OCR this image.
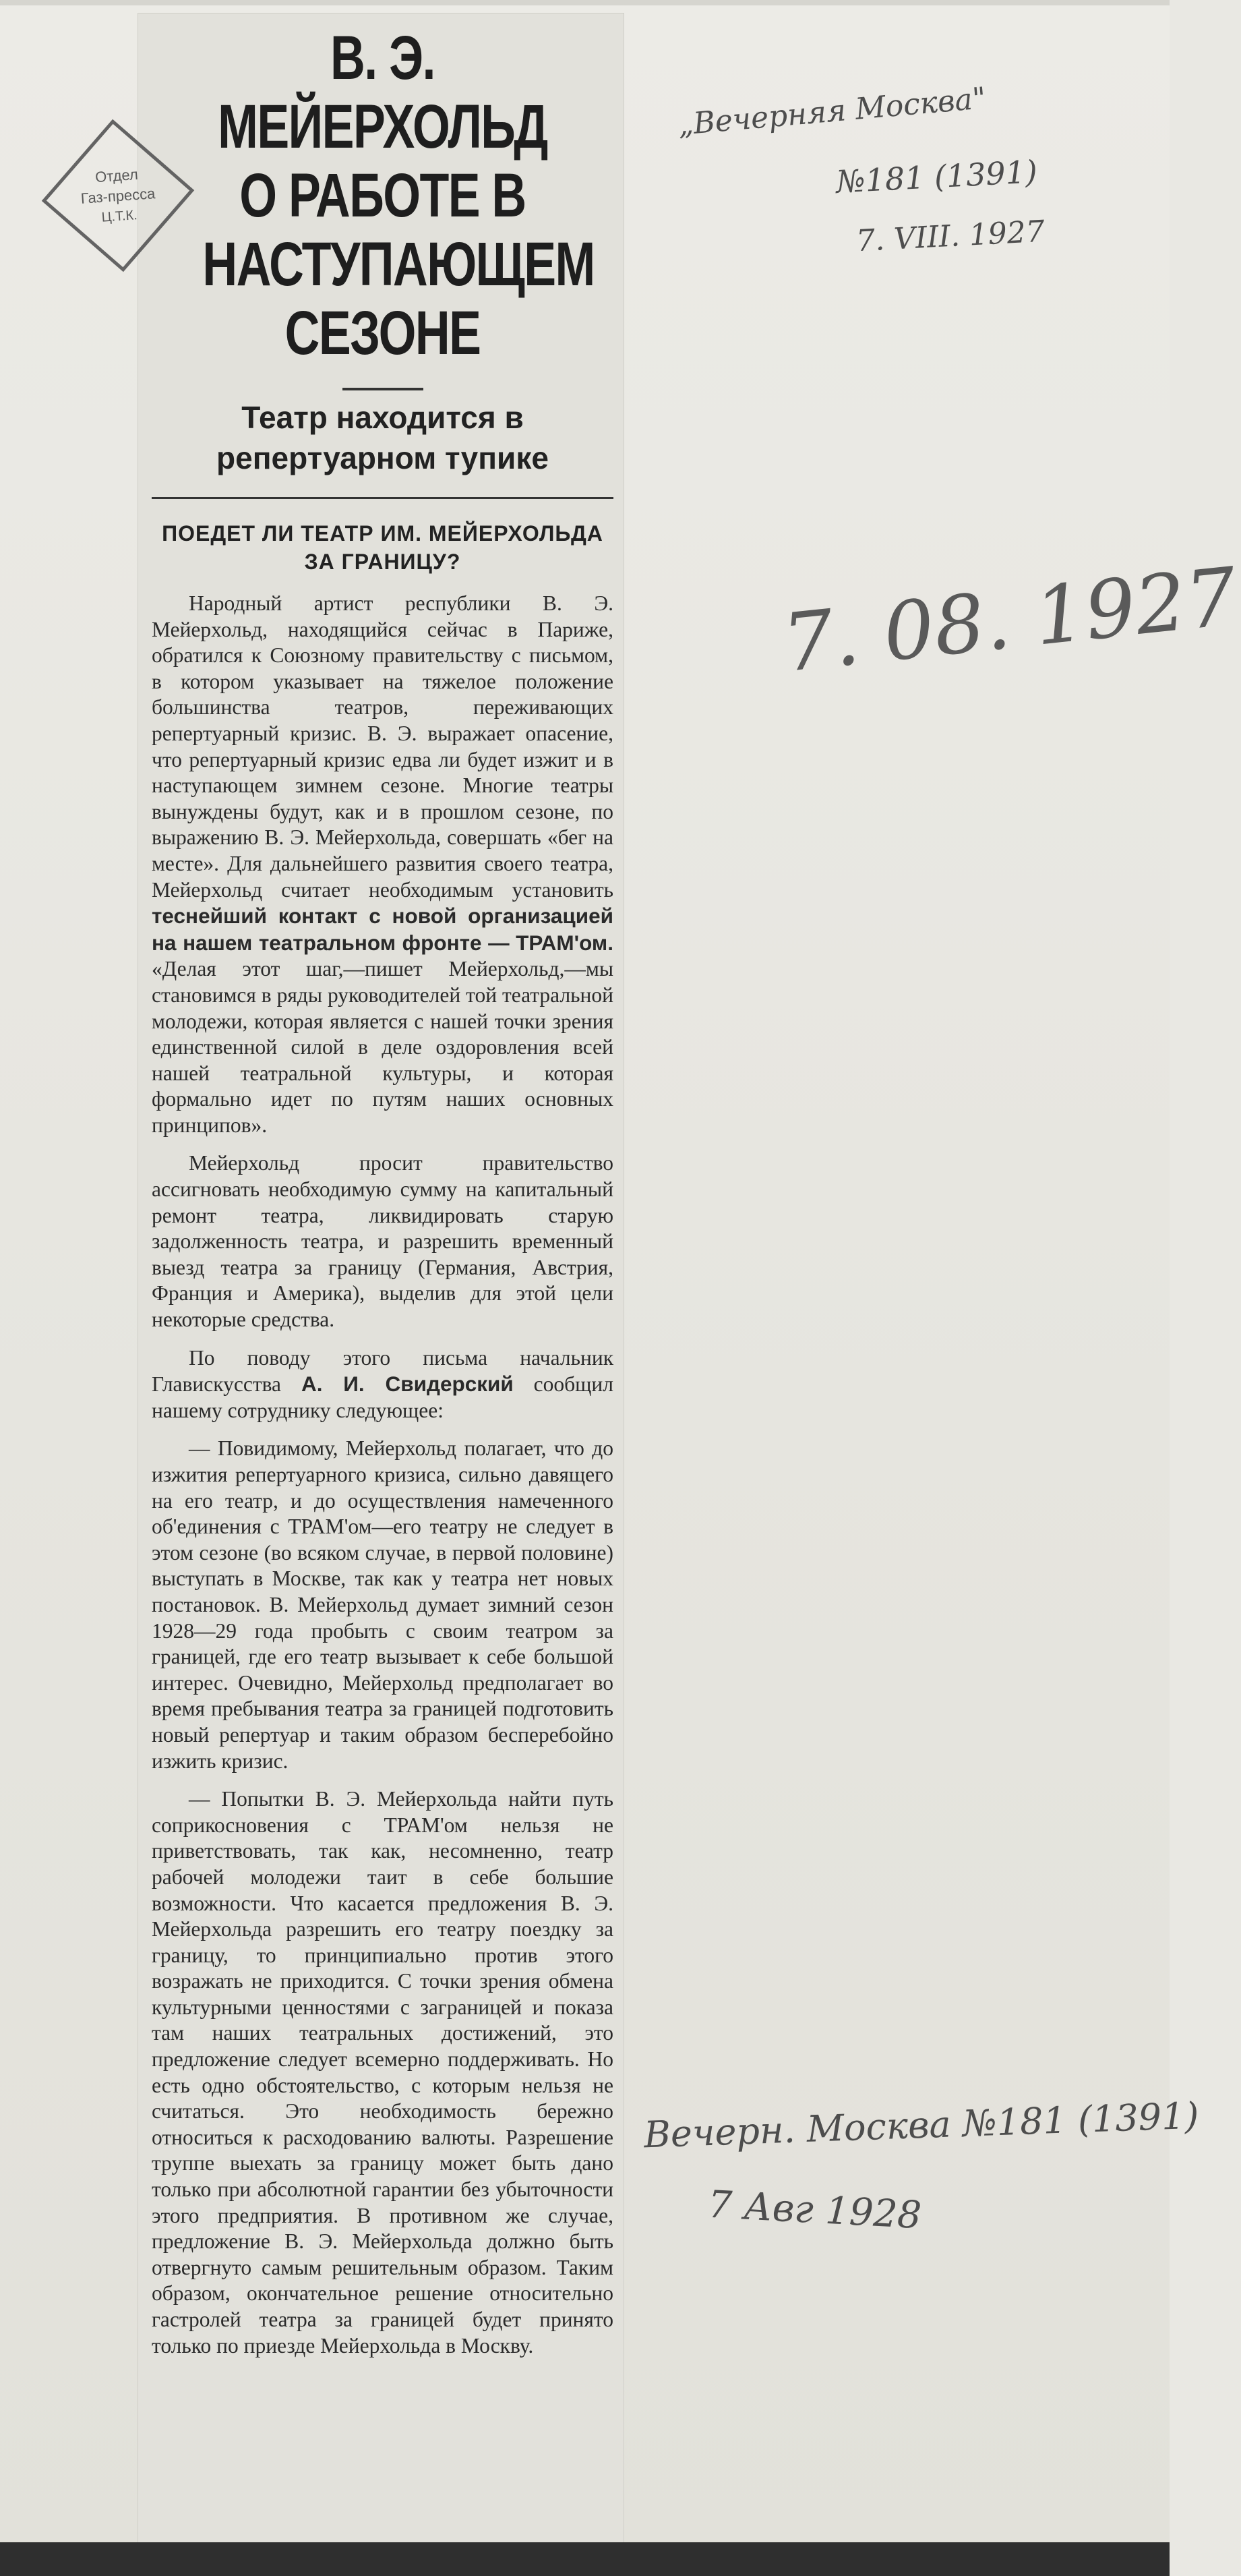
В. Э. МЕЙЕРХОЛЬД О РАБОТЕ В НАСТУПАЮЩЕМ СЕЗОНЕ
Театр находится в репертуарном тупике
ПОЕДЕТ ЛИ ТЕАТР ИМ. МЕЙЕРХОЛЬДА ЗА ГРАНИЦУ?

Народный артист республики В. Э. Мейерхольд, находящийся сейчас в Париже, обратился к Союзному правительству с письмом, в котором указывает на тяжелое положение большинства театров, переживающих репертуарный кризис. В. Э. выражает опасение, что репертуарный кризис едва ли будет изжит и в наступающем зимнем сезоне. Многие театры вынуждены будут, как и в прошлом сезоне, по выражению В. Э. Мейерхольда, совершать «бег на месте». Для дальнейшего развития своего театра, Мейерхольд считает необходимым установить теснейший контакт с новой организацией на нашем театральном фронте — ТРАМ'ом. «Делая этот шаг,—пишет Мейерхольд,—мы становимся в ряды руководителей той театральной молодежи, которая является с нашей точки зрения единственной силой в деле оздоровления всей нашей театральной культуры, и которая формально идет по путям наших основных принципов».

Мейерхольд просит правительство ассигновать необходимую сумму на капитальный ремонт театра, ликвидировать старую задолженность театра, и разрешить временный выезд театра за границу (Германия, Австрия, Франция и Америка), выделив для этой цели некоторые средства.

По поводу этого письма начальник Главискусства А. И. Свидерский сообщил нашему сотруднику следующее:

— Повидимому, Мейерхольд полагает, что до изжития репертуарного кризиса, сильно давящего на его театр, и до осуществления намеченного об'единения с ТРАМ'ом—его театру не следует в этом сезоне (во всяком случае, в первой половине) выступать в Москве, так как у театра нет новых постановок. В. Мейерхольд думает зимний сезон 1928—29 года пробыть с своим театром за границей, где его театр вызывает к себе большой интерес. Очевидно, Мейерхольд предполагает во время пребывания театра за границей подготовить новый репертуар и таким образом бесперебойно изжить кризис.

— Попытки В. Э. Мейерхольда найти путь соприкосновения с ТРАМ'ом нельзя не приветствовать, так как, несомненно, театр рабочей молодежи таит в себе большие возможности. Что касается предложения В. Э. Мейерхольда разрешить его театру поездку за границу, то принципиально против этого возражать не приходится. С точки зрения обмена культурными ценностями с заграницей и показа там наших театральных достижений, это предложение следует всемерно поддерживать. Но есть одно обстоятельство, с которым нельзя не считаться. Это необходимость бережно относиться к расходованию валюты. Разрешение труппе выехать за границу может быть дано только при абсолютной гарантии без убыточности этого предприятия. В противном же случае, предложение В. Э. Мейерхольда должно быть отвергнуто самым решительным образом. Таким образом, окончательное решение относительно гастролей театра за границей будет принято только по приезде Мейерхольда в Москву.

Отдел
Газ-пресса
Ц.Т.К.
„Вечерняя Москва"
№181 (1391)
7. VIII. 1927
7. 08. 1927
Вечерн. Москва №181 (1391)
7 Авг 1928
